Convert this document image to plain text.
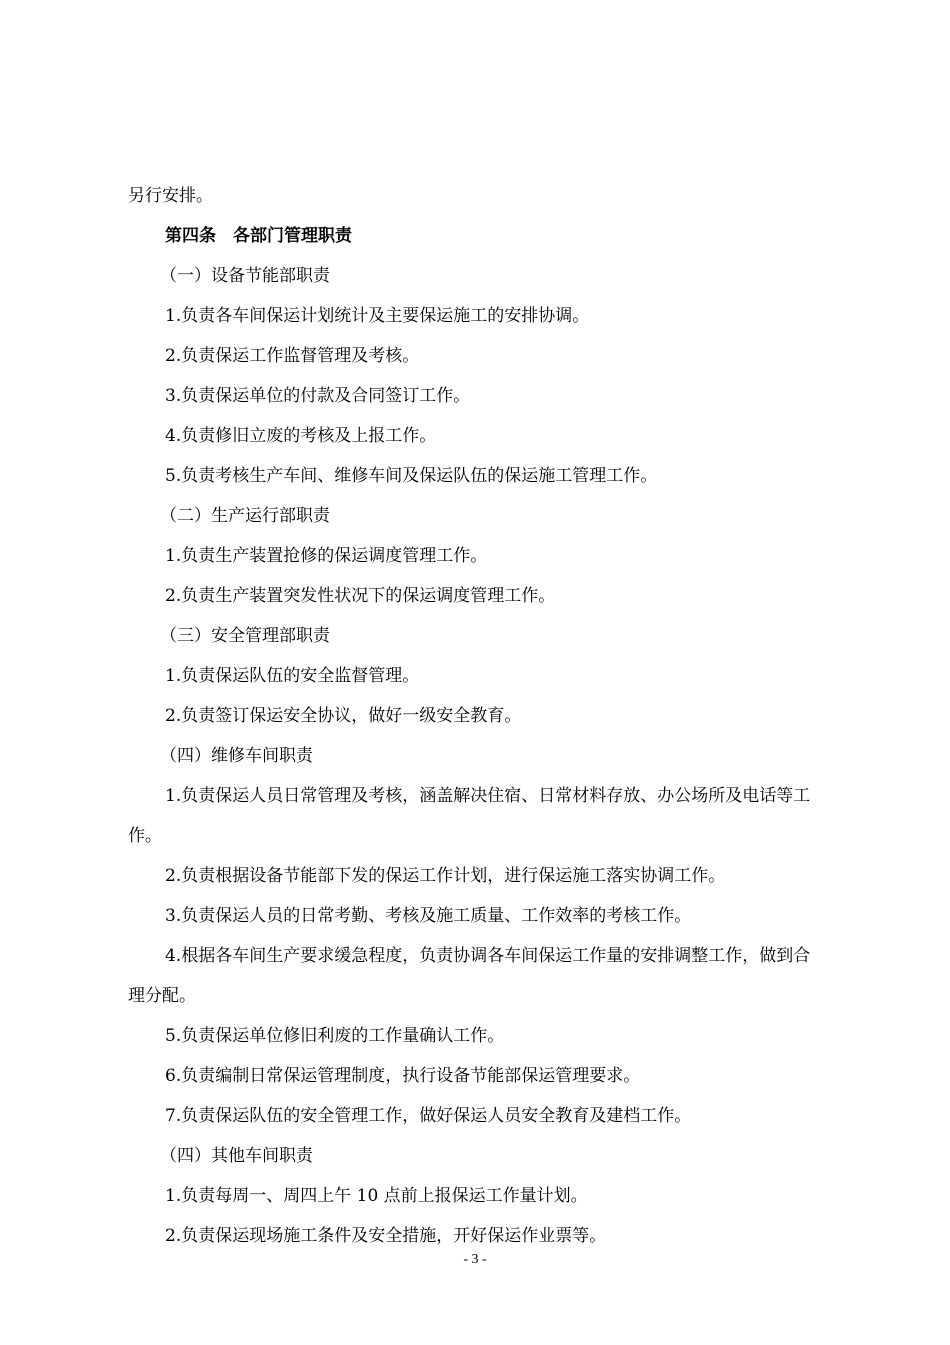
另行安排。

第四条　各部门管理职责

（一）设备节能部职责

1.负责各车间保运计划统计及主要保运施工的安排协调。

2.负责保运工作监督管理及考核。

3.负责保运单位的付款及合同签订工作。

4.负责修旧立废的考核及上报工作。

5.负责考核生产车间、维修车间及保运队伍的保运施工管理工作。

（二）生产运行部职责

1.负责生产装置抢修的保运调度管理工作。

2.负责生产装置突发性状况下的保运调度管理工作。

（三）安全管理部职责

1.负责保运队伍的安全监督管理。

2.负责签订保运安全协议，做好一级安全教育。

（四）维修车间职责

1.负责保运人员日常管理及考核，涵盖解决住宿、日常材料存放、办公场所及电话等工作。

2.负责根据设备节能部下发的保运工作计划，进行保运施工落实协调工作。

3.负责保运人员的日常考勤、考核及施工质量、工作效率的考核工作。

4.根据各车间生产要求缓急程度，负责协调各车间保运工作量的安排调整工作，做到合理分配。

5.负责保运单位修旧利废的工作量确认工作。

6.负责编制日常保运管理制度，执行设备节能部保运管理要求。

7.负责保运队伍的安全管理工作，做好保运人员安全教育及建档工作。

（四）其他车间职责

1.负责每周一、周四上午 10 点前上报保运工作量计划。

2.负责保运现场施工条件及安全措施，开好保运作业票等。

- 3 -
